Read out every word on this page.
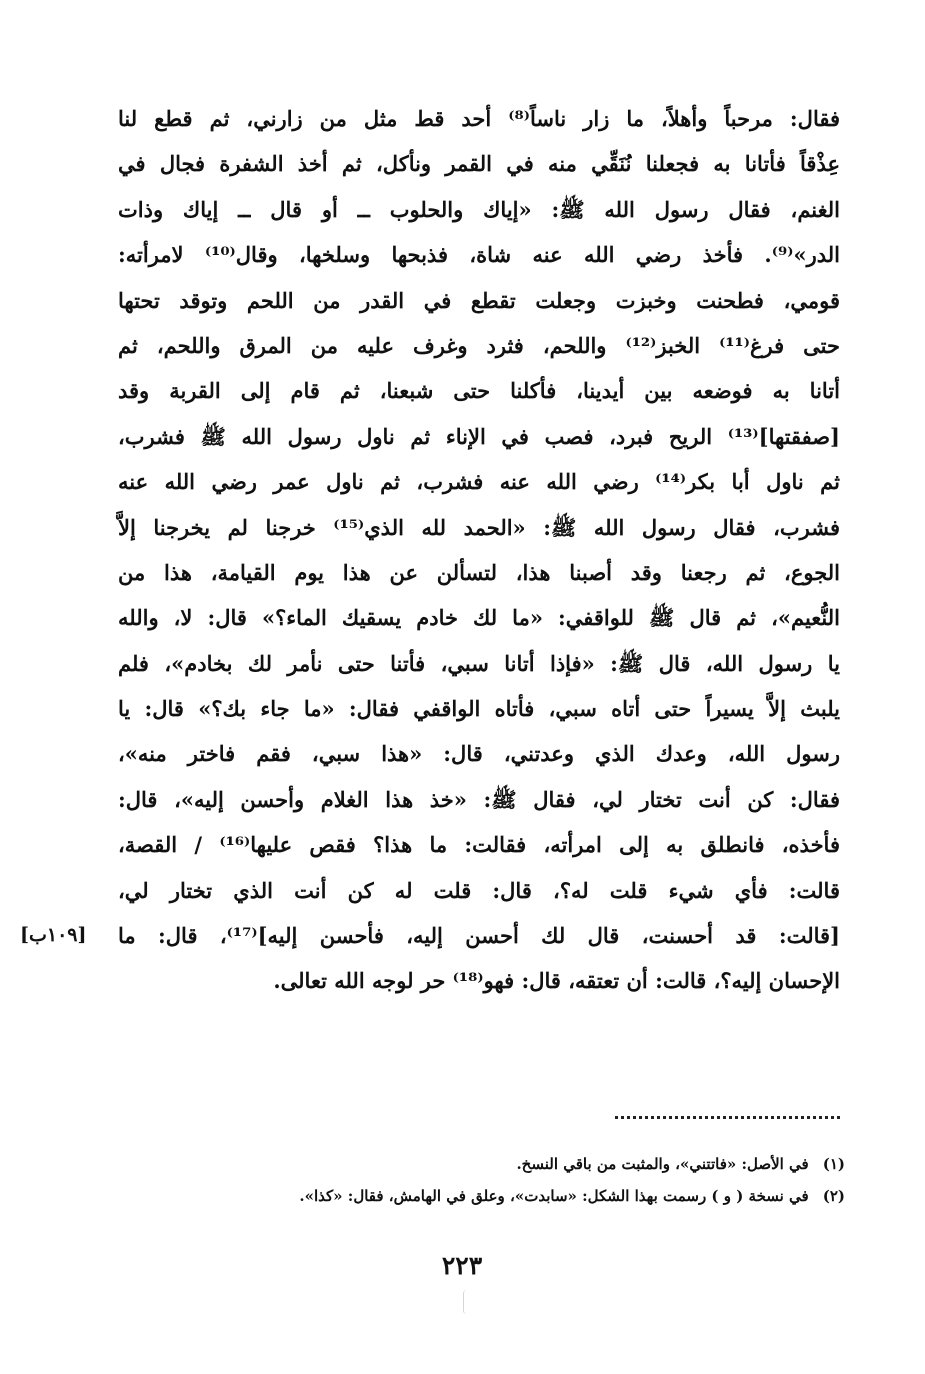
فقال: مرحباً وأهلاً، ما زار ناساً⁽⁸⁾ أحد قط مثل من زارني، ثم قطع لنا
عِذْقاً فأتانا به فجعلنا نُنَقِّي منه في القمر ونأكل، ثم أخذ الشفرة فجال في
الغنم، فقال رسول الله ﷺ: «إياك والحلوب ــ أو قال ــ إياك وذات
الدر»⁽⁹⁾. فأخذ رضي الله عنه شاة، فذبحها وسلخها، وقال⁽¹⁰⁾ لامرأته:
قومي، فطحنت وخبزت وجعلت تقطع في القدر من اللحم وتوقد تحتها
حتى فرغ⁽¹¹⁾ الخبز⁽¹²⁾ واللحم، فثرد وغرف عليه من المرق واللحم، ثم
أتانا به فوضعه بين أيدينا، فأكلنا حتى شبعنا، ثم قام إلى القربة وقد
[صفقتها]⁽¹³⁾ الريح فبرد، فصب في الإناء ثم ناول رسول الله ﷺ فشرب،
ثم ناول أبا بكر⁽¹⁴⁾ رضي الله عنه فشرب، ثم ناول عمر رضي الله عنه
فشرب، فقال رسول الله ﷺ: «الحمد لله الذي⁽¹⁵⁾ خرجنا لم يخرجنا إلاَّ
الجوع، ثم رجعنا وقد أصبنا هذا، لتسألن عن هذا يوم القيامة، هذا من
النُّعيم»، ثم قال ﷺ للواقفي: «ما لك خادم يسقيك الماء؟» قال: لا، والله
يا رسول الله، قال ﷺ: «فإذا أتانا سبي، فأتنا حتى نأمر لك بخادم»، فلم
يلبث إلاَّ يسيراً حتى أتاه سبي، فأتاه الواقفي فقال: «ما جاء بك؟» قال: يا
رسول الله، وعدك الذي وعدتني، قال: «هذا سبي، فقم فاختر منه»،
فقال: كن أنت تختار لي، فقال ﷺ: «خذ هذا الغلام وأحسن إليه»، قال:
فأخذه، فانطلق به إلى امرأته، فقالت: ما هذا؟ فقص عليها⁽¹⁶⁾ / القصة،
قالت: فأي شيء قلت له؟، قال: قلت له كن أنت الذي تختار لي،
[قالت: قد أحسنت، قال لك أحسن إليه، فأحسن إليه]⁽¹⁷⁾، قال: ما
الإحسان إليه؟، قالت: أن تعتقه، قال: فهو⁽¹⁸⁾ حر لوجه الله تعالى.
[١٠٩ب]
(١)في الأصل: «فاتتني»، والمثبت من باقي النسخ.
(٢)في نسخة ( و ) رسمت بهذا الشكل: «سابدت»، وعلق في الهامش، فقال: «كذا».
٢٢٣
